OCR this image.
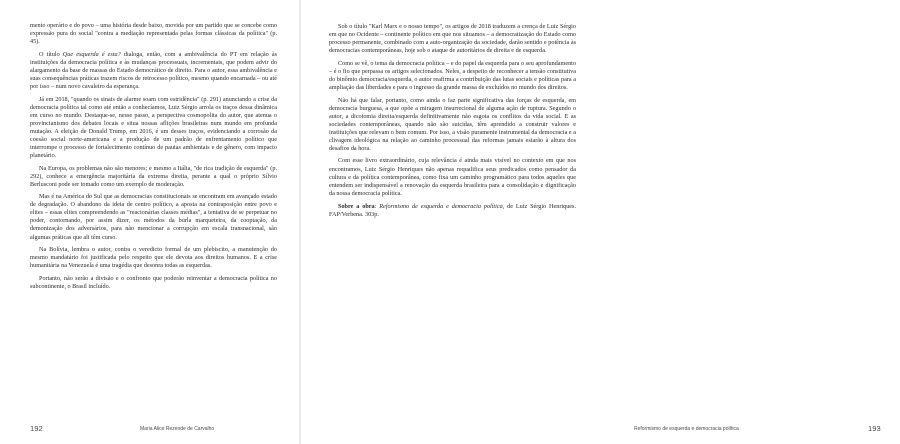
mento operário e do povo – uma história desde baixo, movida por um partido que se concebe como expressão pura do social "contra a mediação representada pelas formas clássicas da política" (p. 45).

O título Que esquerda é esta? dialoga, então, com a ambivalência do PT em relação às instituições da democracia política e às mudanças processuais, incrementais, que podem advir do alargamento da base de massas do Estado democrático de direito. Para o autor, essa ambivalência e suas consequências práticas trazem riscos de retrocesso político, mesmo quando encarnada – ou até por isso – num novo cavaleiro da esperança.

Já em 2018, "quando os sinais de alarme soam com estridência" (p. 291) anunciando a crise da democracia política tal como até então a conhecíamos, Luiz Sérgio arrola os traços dessa dinâmica em curso no mundo. Destaque-se, nesse passo, a perspectiva cosmopolita do autor, que atenua o provincianismo dos debates locais e situa nossas aflições brasileiras num mundo em profunda mutação. A eleição de Donald Trump, em 2016, é um desses traços, evidenciando a corrosão da coesão social norte-americana e a produção de um padrão de enfrentamento político que interrompe o processo de fortalecimento contínuo de pautas ambientais e de gênero, com impacto planetário.

Na Europa, os problemas não são menores; e mesmo a Itália, "de rica tradição de esquerda" (p. 292), conhece a emergência majoritária da extrema direita, perante a qual o próprio Sílvio Berlusconi pode ser tomado como um exemplo de moderação.

Mas é na América do Sul que as democracias constitucionais se encontram em avançado estado de degradação. O abandono da ideia de centro político, a aposta na contraposição entre povo e elites – essas elites compreendendo as "reacionárias classes médias", a tentativa de se perpetuar no poder, contornando, por assim dizer, os métodos da burla marqueteira, da cooptação, da demonização dos adversários, para não mencionar a corrupção em escala transnacional, são algumas práticas que ali têm curso.

Na Bolívia, lembra o autor, contra o veredicto formal de um plebiscito, a manutenção do mesmo mandatário foi justificada pelo respeito que ele devota aos direitos humanos. E a crise humanitária na Venezuela é uma tragédia que desonra todas as esquerdas.

Portanto, não serão a divisão e o confronto que poderão reinventar a democracia política no subcontinente, o Brasil incluído.

192	Maria Alice Rezende de Carvalho

Sob o título "Karl Marx e o nosso tempo", os artigos de 2018 traduzem a crença de Luiz Sérgio em que no Ocidente – continente político em que nos situamos – a democratização do Estado como processo permanente, combinado com a auto-organização da sociedade, darão sentido e potência às democracias contemporâneas, hoje sob o ataque de autoritários de direita e de esquerda.

Como se vê, o tema da democracia política – e do papel da esquerda para o seu aprofundamento – é o fio que perpassa os artigos selecionados. Neles, a despeito de reconhecer a tensão constitutiva do binômio democracia/esquerda, o autor reafirma a contribuição das lutas sociais e políticas para a ampliação das liberdades e para o ingresso da grande massa de excluídos no mundo dos direitos.

Não há que falar, portanto, como ainda o faz parte significativa das forças de esquerda, em democracia burguesa, a que opõe a miragem insurrecional de alguma ação de ruptura. Segundo o autor, a dicotomia direita/esquerda definitivamente não esgota os conflitos da vida social. E as sociedades contemporâneas, quando não são suicidas, têm aprendido a construir valores e instituições que relevam o bem comum. Por isso, a visão puramente instrumental da democracia e a clivagem ideológica na relação ao caminho processual das reformas jamais estarão à altura dos desafios da hora.

Com esse livro extraordinário, cuja relevância é ainda mais visível no contexto em que nos encontramos, Luiz Sérgio Henriques não apenas requalifica seus predicados como pensador da cultura e da política contemporânea, como fixa um caminho programático para todos aqueles que entendem ser indispensável a renovação da esquerda brasileira para a consolidação e dignificação da nossa democracia política.

Sobre a obra: Reformismo de esquerda e democracia política, de Luiz Sérgio Henriques. FAP/Verbena. 303p.

Reformismo de esquerda e democracia política	193
